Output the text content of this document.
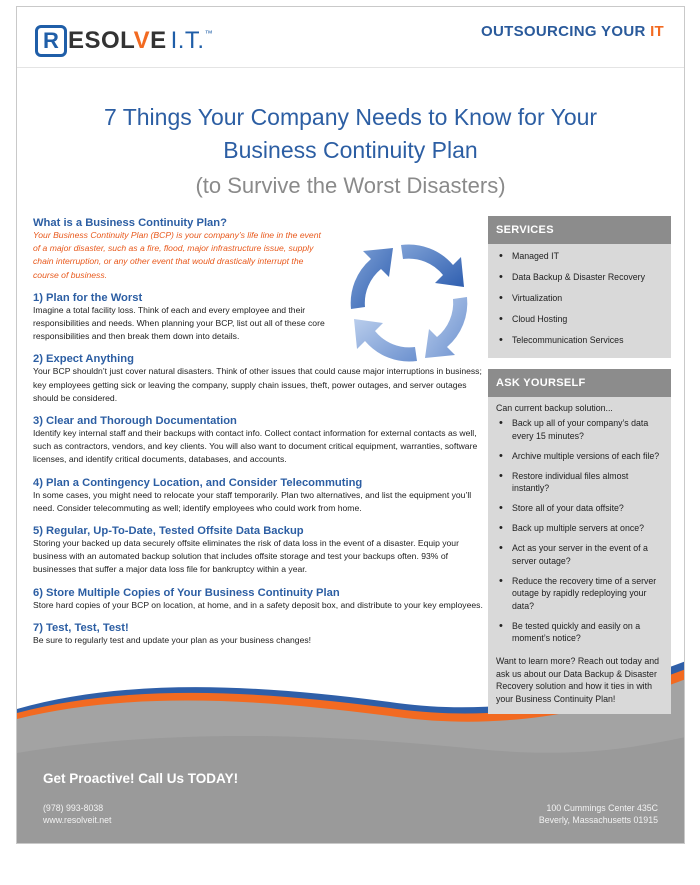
R ESOLVE I.T. ™	OUTSOURCING YOUR IT
7 Things Your Company Needs to Know for Your
Business Continuity Plan
(to Survive the Worst Disasters)
What is a Business Continuity Plan?
Your Business Continuity Plan (BCP) is your company’s life line in the event of a major disaster, such as a fire, flood, major infrastructure issue, supply chain interruption, or any other event that would drastically interrupt the course of business.
1) Plan for the Worst
Imagine a total facility loss. Think of each and every employee and their responsibilities and needs. When planning your BCP, list out all of these core responsibilities and then break them down into details.
2) Expect Anything
Your BCP shouldn’t just cover natural disasters. Think of other issues that could cause major interruptions in business; key employees getting sick or leaving the company, supply chain issues, theft, power outages, and server outages should be considered.
3) Clear and Thorough Documentation
Identify key internal staff and their backups with contact info. Collect contact information for external contacts as well, such as contractors, vendors, and key clients. You will also want to document critical equipment, warranties, software licenses, and identify critical documents, databases, and accounts.
4) Plan a Contingency Location, and Consider Telecommuting
In some cases, you might need to relocate your staff temporarily. Plan two alternatives, and list the equipment you’ll need. Consider telecommuting as well; identify employees who could work from home.
5) Regular, Up-To-Date, Tested Offsite Data Backup
Storing your backed up data securely offsite eliminates the risk of data loss in the event of a disaster. Equip your business with an automated backup solution that includes offsite storage and test your backups often. 93% of businesses that suffer a major data loss file for bankruptcy within a year.
6) Store Multiple Copies of Your Business Continuity Plan
Store hard copies of your BCP on location, at home, and in a safety deposit box, and distribute to your key employees.
7) Test, Test, Test!
Be sure to regularly test and update your plan as your business changes!
SERVICES
• Managed IT
• Data Backup & Disaster Recovery
• Virtualization
• Cloud Hosting
• Telecommunication Services
ASK YOURSELF
Can current backup solution...
• Back up all of your company’s data every 15 minutes?
• Archive multiple versions of each file?
• Restore individual files almost instantly?
• Store all of your data offsite?
• Back up multiple servers at once?
• Act as your server in the event of a server outage?
• Reduce the recovery time of a server outage by rapidly redeploying your data?
• Be tested quickly and easily on a moment’s notice?
Want to learn more? Reach out today and ask us about our Data Backup & Disaster Recovery solution and how it ties in with your Business Continuity Plan!
Get Proactive! Call Us TODAY!
(978) 993-8038
www.resolveit.net
100 Cummings Center 435C
Beverly, Massachusetts 01915
